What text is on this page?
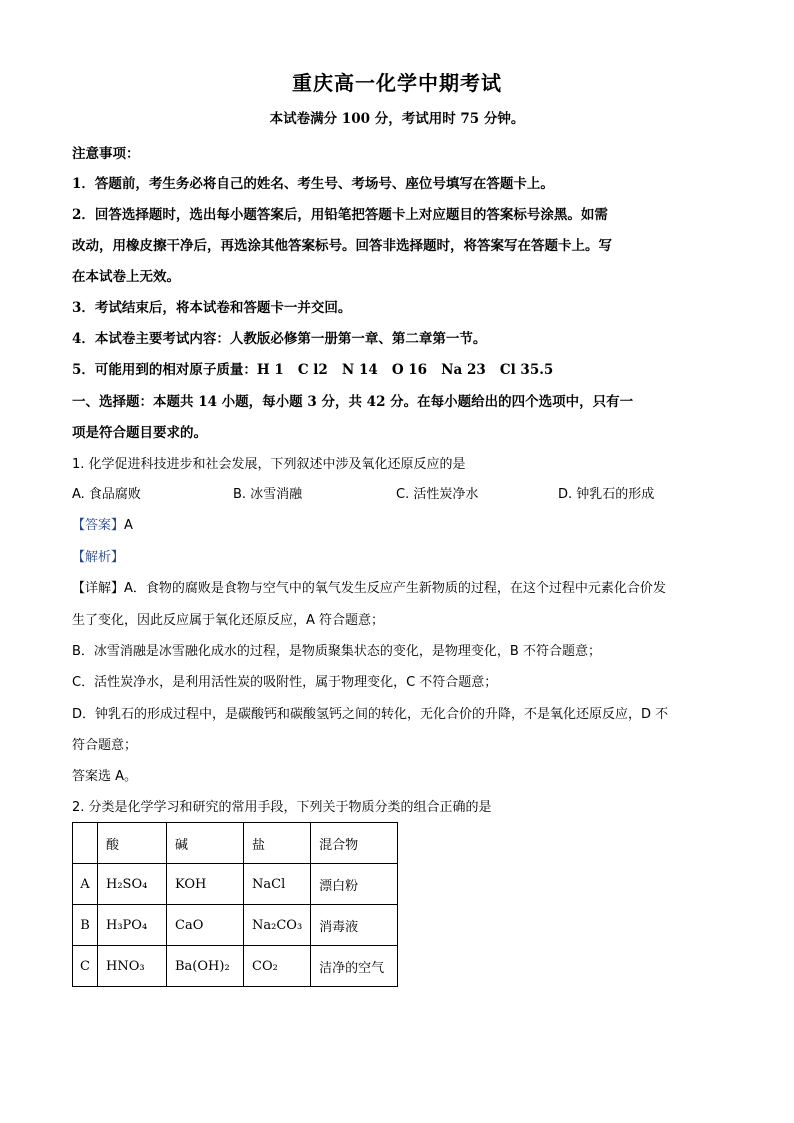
重庆高一化学中期考试
本试卷满分 100 分，考试用时 75 分钟。
注意事项：
1．答题前，考生务必将自己的姓名、考生号、考场号、座位号填写在答题卡上。
2．回答选择题时，选出每小题答案后，用铅笔把答题卡上对应题目的答案标号涂黑。如需
改动，用橡皮擦干净后，再选涂其他答案标号。回答非选择题时，将答案写在答题卡上。写
在本试卷上无效。
3．考试结束后，将本试卷和答题卡一并交回。
4．本试卷主要考试内容：人教版必修第一册第一章、第二章第一节。
5．可能用到的相对原子质量：H 1   C l2   N 14   O 16   Na 23   Cl 35.5
一、选择题：本题共 14 小题，每小题 3 分，共 42 分。在每小题给出的四个选项中，只有一
项是符合题目要求的。
1. 化学促进科技进步和社会发展，下列叙述中涉及氧化还原反应的是
A. 食品腐败	B. 冰雪消融	C. 活性炭净水	D. 钟乳石的形成
【答案】A
【解析】
【详解】A．食物的腐败是食物与空气中的氧气发生反应产生新物质的过程，在这个过程中元素化合价发
生了变化，因此反应属于氧化还原反应，A 符合题意；
B．冰雪消融是冰雪融化成水的过程，是物质聚集状态的变化，是物理变化，B 不符合题意；
C．活性炭净水，是利用活性炭的吸附性，属于物理变化，C 不符合题意；
D．钟乳石的形成过程中，是碳酸钙和碳酸氢钙之间的转化，无化合价的升降，不是氧化还原反应，D 不
符合题意；
答案选 A。
2. 分类是化学学习和研究的常用手段，下列关于物质分类的组合正确的是
	酸	碱	盐	混合物
A	H₂SO₄	KOH	NaCl	漂白粉
B	H₃PO₄	CaO	Na₂CO₃	消毒液
C	HNO₃	Ba(OH)₂	CO₂	洁净的空气
